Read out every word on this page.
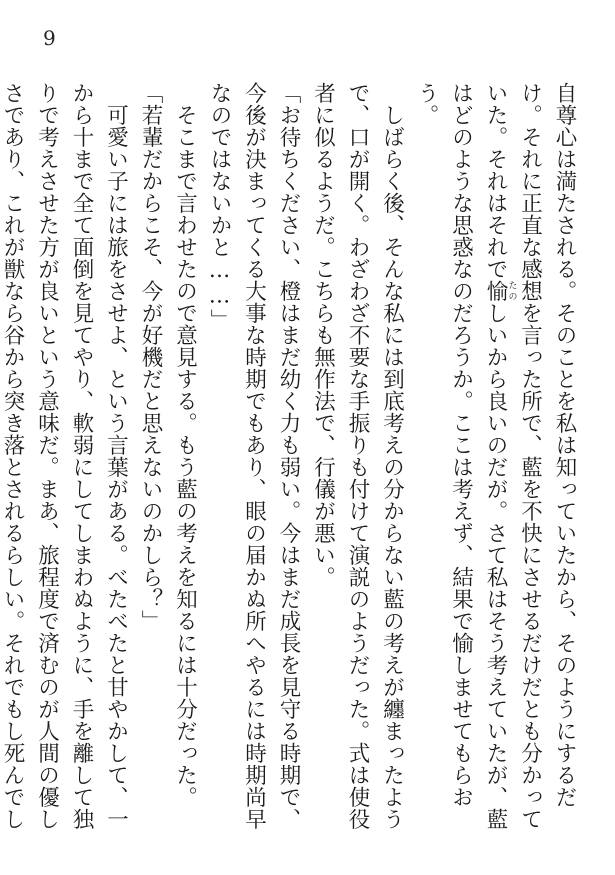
9

自尊心は満たされる。そのことを私は知っていたから、そのようにするだけ。それに正直な感想を言った所で、藍を不快にさせるだけだとも分かっていた。それはそれで愉たのしいから良いのだが。さて私はそう考えていたが、藍はどのような思惑なのだろうか。ここは考えず、結果で愉しませてもらおう。

　しばらく後、そんな私には到底考えの分からない藍の考えが纏まったようで、口が開く。わざわざ不要な手振りも付けて演説のようだった。式は使役者に似るようだ。こちらも無作法で、行儀が悪い。

「お待ちください、橙はまだ幼く力も弱い。今はまだ成長を見守る時期で、今後が決まってくる大事な時期でもあり、眼の届かぬ所へやるには時期尚早なのではないかと……」

　そこまで言わせたので意見する。もう藍の考えを知るには十分だった。

「若輩だからこそ、今が好機だと思えないのかしら？」

　可愛い子には旅をさせよ、という言葉がある。べたべたと甘やかして、一から十まで全て面倒を見てやり、軟弱にしてしまわぬように、手を離して独りで考えさせた方が良いという意味だ。まあ、旅程度で済むのが人間の優しさであり、これが獣なら谷から突き落とされるらしい。それでもし死んでし
